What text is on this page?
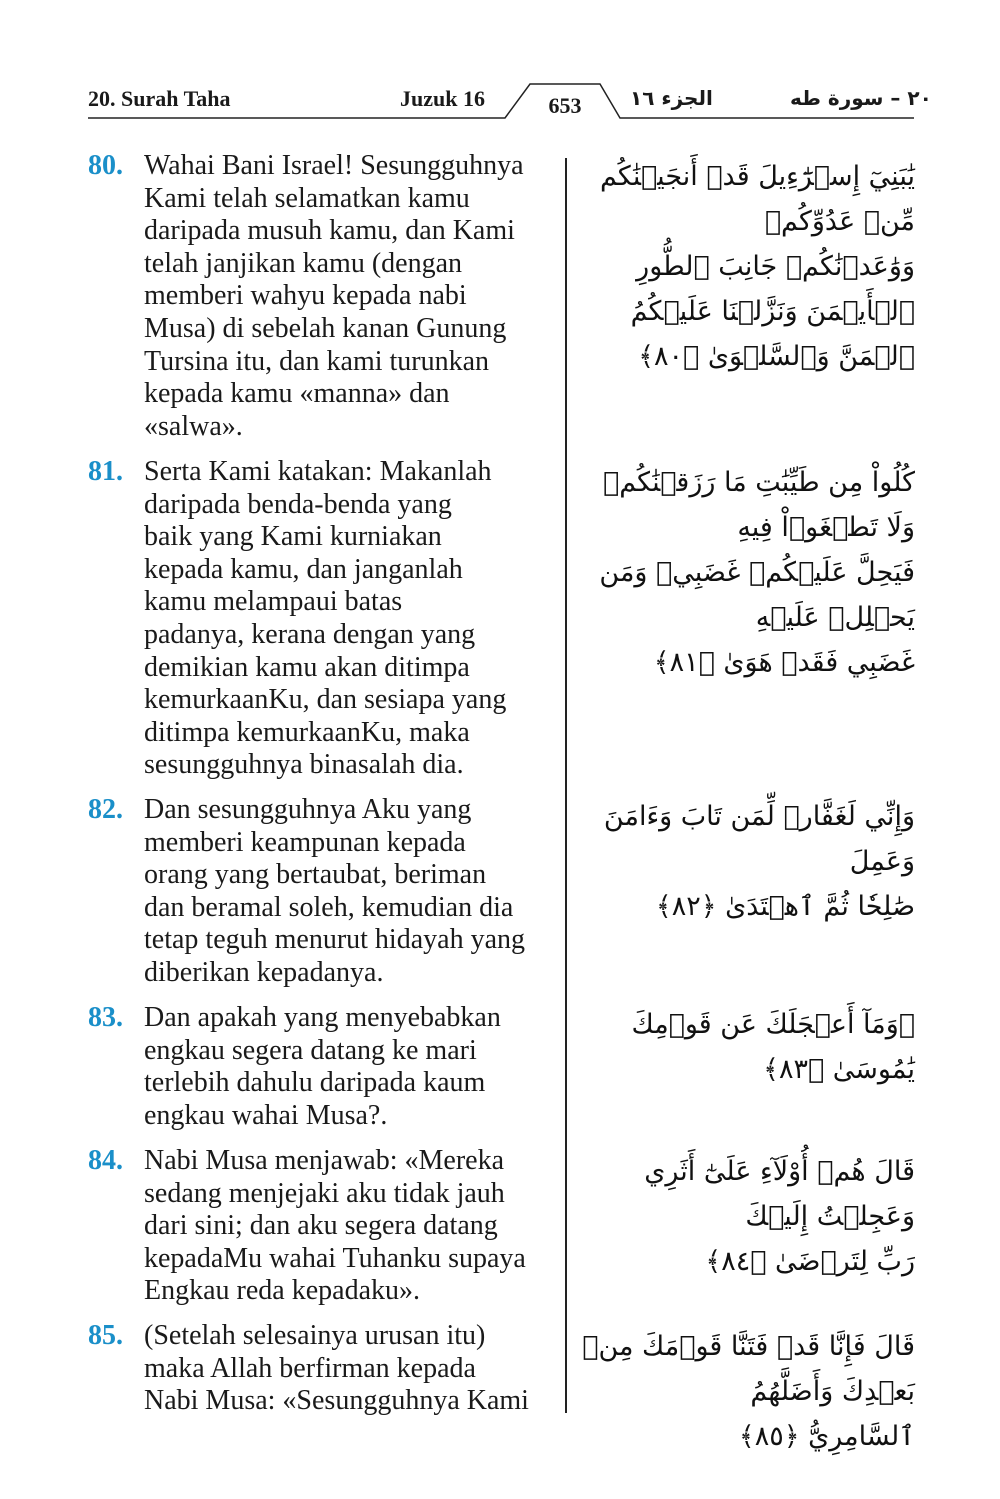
20. Surah Taha	Juzuk 16	653	الجزء ١٦	٢٠ – سورة طه
80. Wahai Bani Israel! Sesungguhnya
Kami telah selamatkan kamu
daripada musuh kamu, dan Kami
telah janjikan kamu (dengan
memberi wahyu kepada nabi
Musa) di sebelah kanan Gunung
Tursina itu, dan kami turunkan
kepada kamu «manna» dan
«salwa».
يَٰبَنِيٓ إِسۡرَٰٓءِيلَ قَدۡ أَنجَيۡنَٰكُم مِّنۡ عَدُوِّكُمۡ
وَوَٰعَدۡنَٰكُمۡ جَانِبَ ٱلطُّورِ ٱلۡأَيۡمَنَ وَنَزَّلۡنَا عَلَيۡكُمُ
ٱلۡمَنَّ وَٱلسَّلۡوَىٰ ﴿٨٠﴾
81. Serta Kami katakan: Makanlah
daripada benda-benda yang
baik yang Kami kurniakan
kepada kamu, dan janganlah
kamu melampaui batas
padanya, kerana dengan yang
demikian kamu akan ditimpa
kemurkaanKu, dan sesiapa yang
ditimpa kemurkaanKu, maka
sesungguhnya binasalah dia.
كُلُواْ مِن طَيِّبَٰتِ مَا رَزَقۡنَٰكُمۡ وَلَا تَطۡغَوۡاْ فِيهِ
فَيَحِلَّ عَلَيۡكُمۡ غَضَبِيۖ وَمَن يَحۡلِلۡ عَلَيۡهِ
غَضَبِي فَقَدۡ هَوَىٰ ﴿٨١﴾
82. Dan sesungguhnya Aku yang
memberi keampunan kepada
orang yang bertaubat, beriman
dan beramal soleh, kemudian dia
tetap teguh menurut hidayah yang
diberikan kepadanya.
وَإِنِّي لَغَفَّارٞ لِّمَن تَابَ وَءَامَنَ وَعَمِلَ
صَٰلِحٗا ثُمَّ ٱهۡتَدَىٰ ﴿٨٢﴾
83. Dan apakah yang menyebabkan
engkau segera datang ke mari
terlebih dahulu daripada kaum
engkau wahai Musa?.
۞وَمَآ أَعۡجَلَكَ عَن قَوۡمِكَ يَٰمُوسَىٰ ﴿٨٣﴾
84. Nabi Musa menjawab: «Mereka
sedang menjejaki aku tidak jauh
dari sini; dan aku segera datang
kepadaMu wahai Tuhanku supaya
Engkau reda kepadaku».
قَالَ هُمۡ أُوْلَآءِ عَلَىٰٓ أَثَرِي وَعَجِلۡتُ إِلَيۡكَ
رَبِّ لِتَرۡضَىٰ ﴿٨٤﴾
85. (Setelah selesainya urusan itu)
maka Allah berfirman kepada
Nabi Musa: «Sesungguhnya Kami
قَالَ فَإِنَّا قَدۡ فَتَنَّا قَوۡمَكَ مِنۢ بَعۡدِكَ وَأَضَلَّهُمُ
ٱلسَّامِرِيُّ ﴿٨٥﴾
